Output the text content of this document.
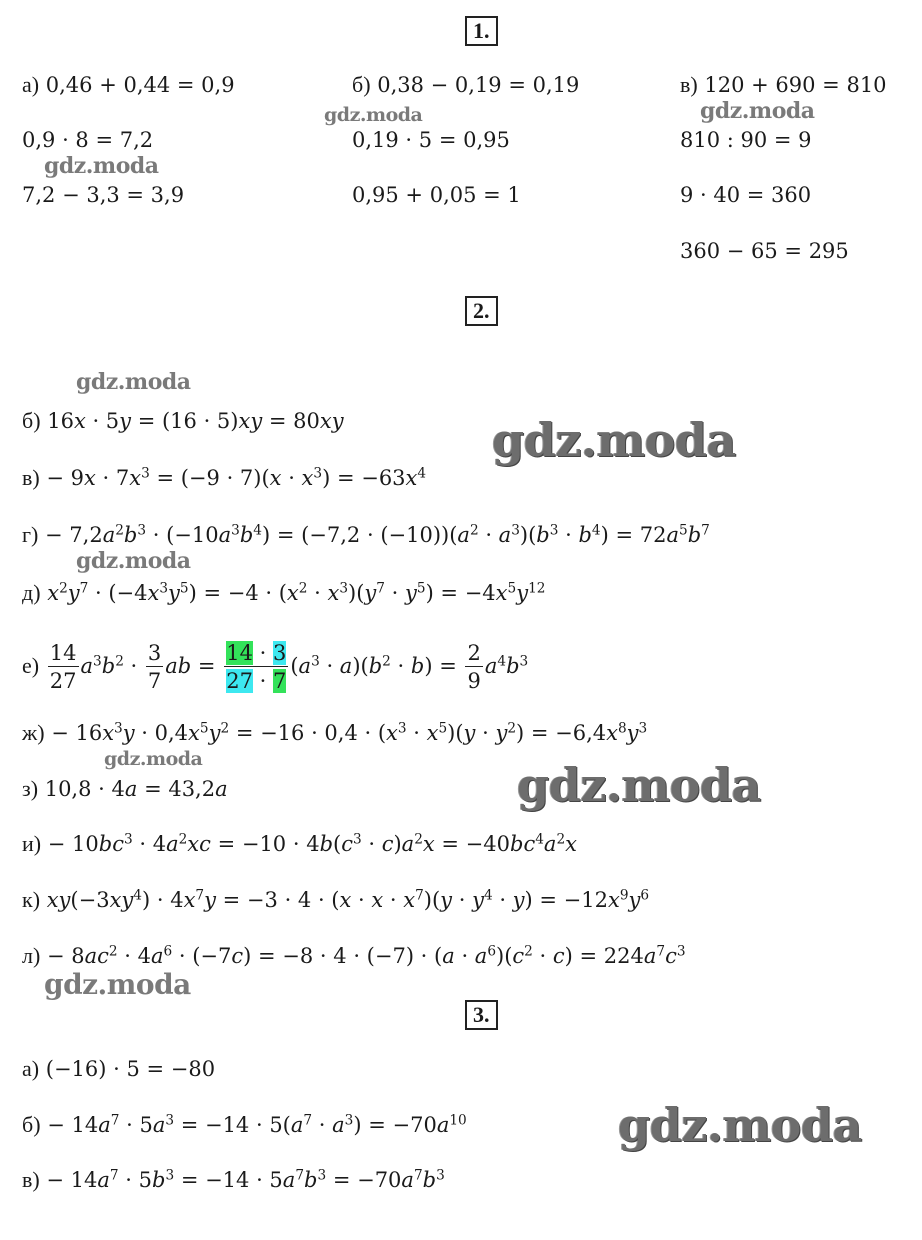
1.
а) 0,46 + 0,44 = 0,9
0,9 · 8 = 7,2
7,2 − 3,3 = 3,9
б) 0,38 − 0,19 = 0,19
0,19 · 5 = 0,95
0,95 + 0,05 = 1
в) 120 + 690 = 810
810 : 90 = 9
9 · 40 = 360
360 − 65 = 295
2.
б) 16x · 5y = (16 · 5)xy = 80xy
$в) - 9x \cdot 7x^3 = (-9 \cdot 7)(x \cdot x^3) = -63x^4$
$г) - 7,2a^2b^3 \cdot (-10a^3b^4) = (-7,2 \cdot (-10))(a^2 \cdot a^3)(b^3 \cdot b^4) = 72a^5b^7$
д) $x^2y^7 \cdot (-4x^3y^5) = -4 \cdot (x^2 \cdot x^3)(y^7 \cdot y^5) = -4x^5y^{12}$
$е) \frac{14}{27} a^3b^2 \cdot \frac{3}{7}$ ab = $\frac{14 \cdot 3}{27 \cdot 7} (a^3 \cdot a)(b^2 \cdot b) = \frac{2}{9} a^4b^3$
$ж) - 16x^3y \cdot 0,4x^5y^2 = -16 \cdot 0,4 \cdot (x^3 \cdot x^5)(y \cdot y^2) = -6,4x^8y^3$
з) 10,8 · 4a = 43,2a
$и) - 10bc^3 \cdot 4a^2xc = -10 \cdot 4b(c^3 \cdot c)a^2x = -40bc^4a^2x$
к) $xy(-3xy^4) \cdot 4x^7y = -3 \cdot 4 \cdot (x \cdot x \cdot x^7)(y \cdot y^4 \cdot y) = -12x^9y^6$
$л) - 8ac^2 \cdot 4a^6 \cdot (-7c) = -8 \cdot 4 \cdot (-7) \cdot (a \cdot a^6)(c^2 \cdot c) = 224a^7c^3$
3.
а) (−16) · 5 = −80
$б) - 14a^7 \cdot 5a^3 = -14 \cdot 5(a^7 \cdot a^3) = -70a^{10}$
$в) - 14a^7 \cdot 5b^3 = -14 \cdot 5a^7b^3 = -70a^7b^3$
gdz.moda	gdz.moda
gdz.moda
gdz.moda
gdz.moda
gdz.moda
gdz.moda	gdz.moda
gdz.moda
gdz.moda
